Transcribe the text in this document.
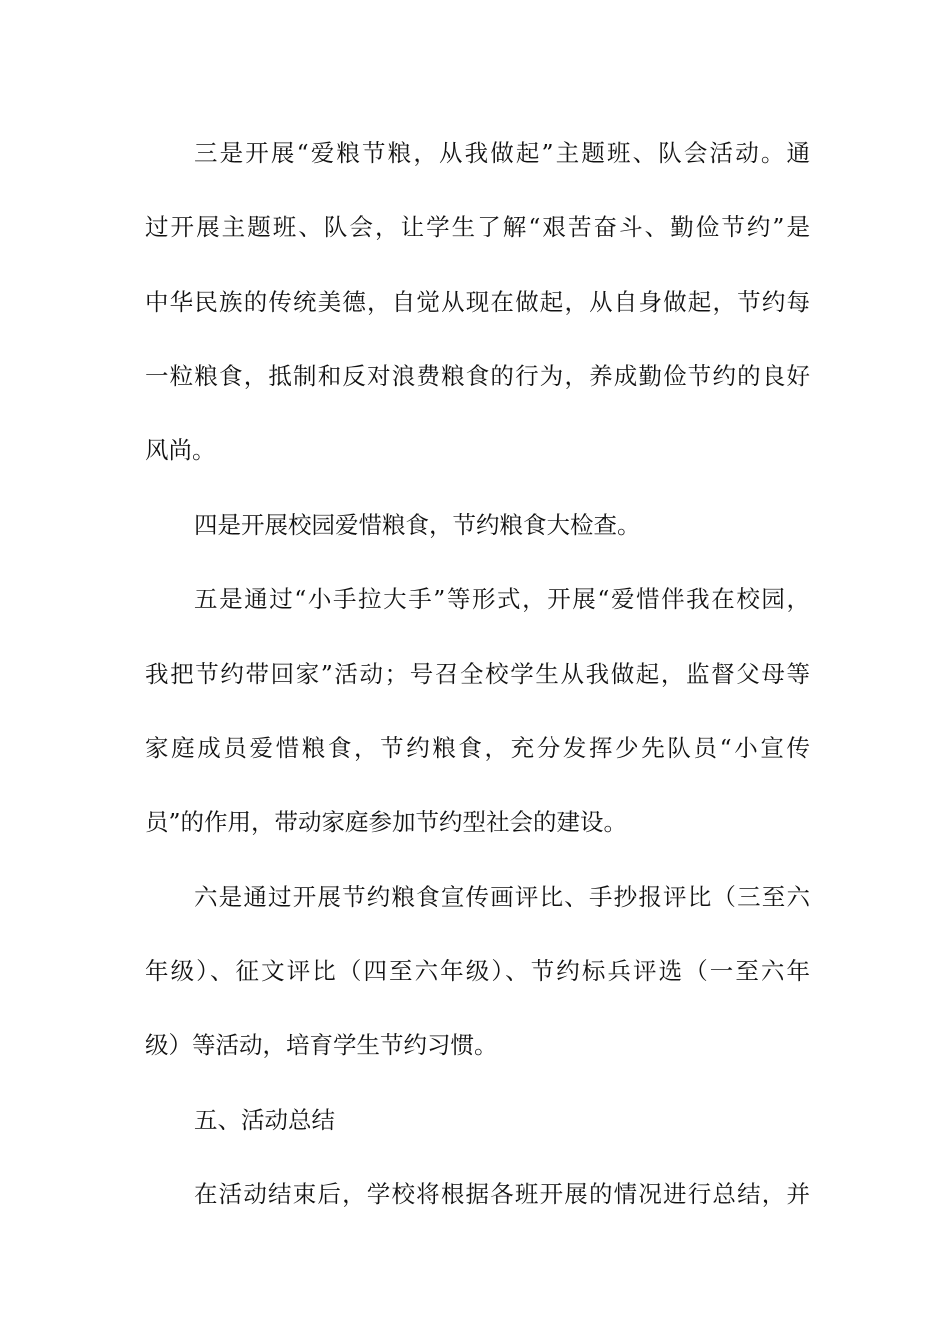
三是开展“爱粮节粮，从我做起”主题班、队会活动。通
过开展主题班、队会，让学生了解“艰苦奋斗、勤俭节约”是
中华民族的传统美德，自觉从现在做起，从自身做起，节约每
一粒粮食，抵制和反对浪费粮食的行为，养成勤俭节约的良好
风尚。
四是开展校园爱惜粮食，节约粮食大检查。
五是通过“小手拉大手”等形式，开展“爱惜伴我在校园，
我把节约带回家”活动；号召全校学生从我做起，监督父母等
家庭成员爱惜粮食，节约粮食，充分发挥少先队员“小宣传
员”的作用，带动家庭参加节约型社会的建设。
六是通过开展节约粮食宣传画评比、手抄报评比（三至六
年级）、征文评比（四至六年级）、节约标兵评选（一至六年
级）等活动，培育学生节约习惯。
五、活动总结
在活动结束后，学校将根据各班开展的情况进行总结，并
